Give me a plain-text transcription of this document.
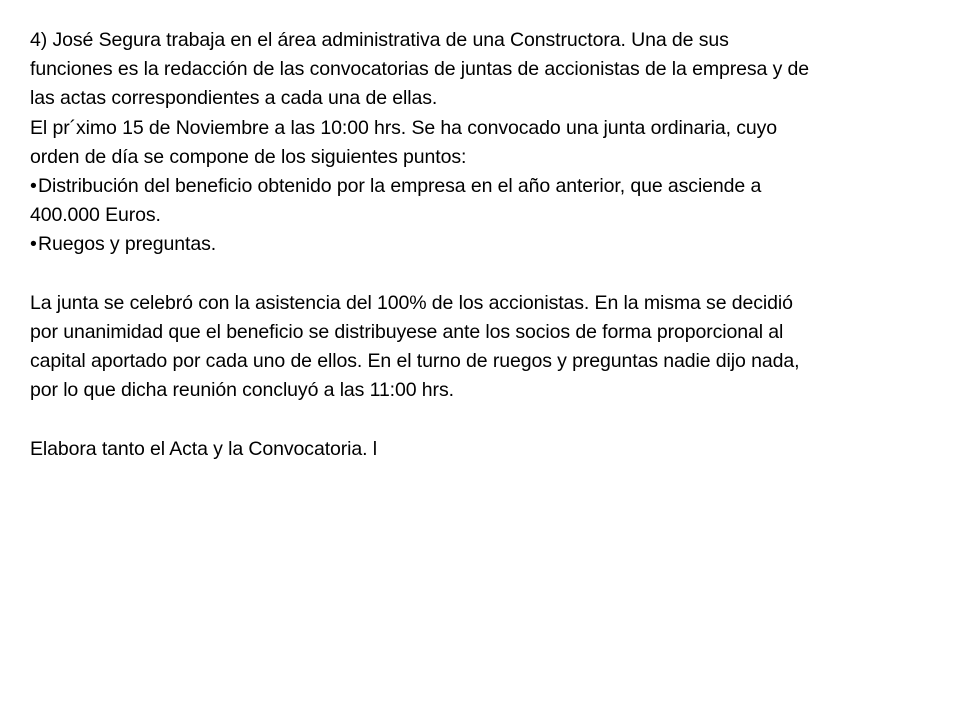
4) José Segura trabaja en el área administrativa de una Constructora. Una de sus
funciones es la redacción de las convocatorias de juntas de accionistas de la empresa y de
las actas correspondientes a cada una de ellas.
El pr´ximo 15 de Noviembre a las 10:00 hrs. Se ha convocado una junta ordinaria, cuyo
orden de día se compone de los siguientes puntos:
•Distribución del beneficio obtenido por la empresa en el año anterior, que asciende a
400.000 Euros.
•Ruegos y preguntas.
La junta se celebró con la asistencia del 100% de los accionistas. En la misma se decidió
por unanimidad que el beneficio se distribuyese ante los socios de forma proporcional al
capital aportado por cada uno de ellos. En el turno de ruegos y preguntas nadie dijo nada,
por lo que dicha reunión concluyó a las 11:00 hrs.
Elabora tanto el Acta y la Convocatoria. l
